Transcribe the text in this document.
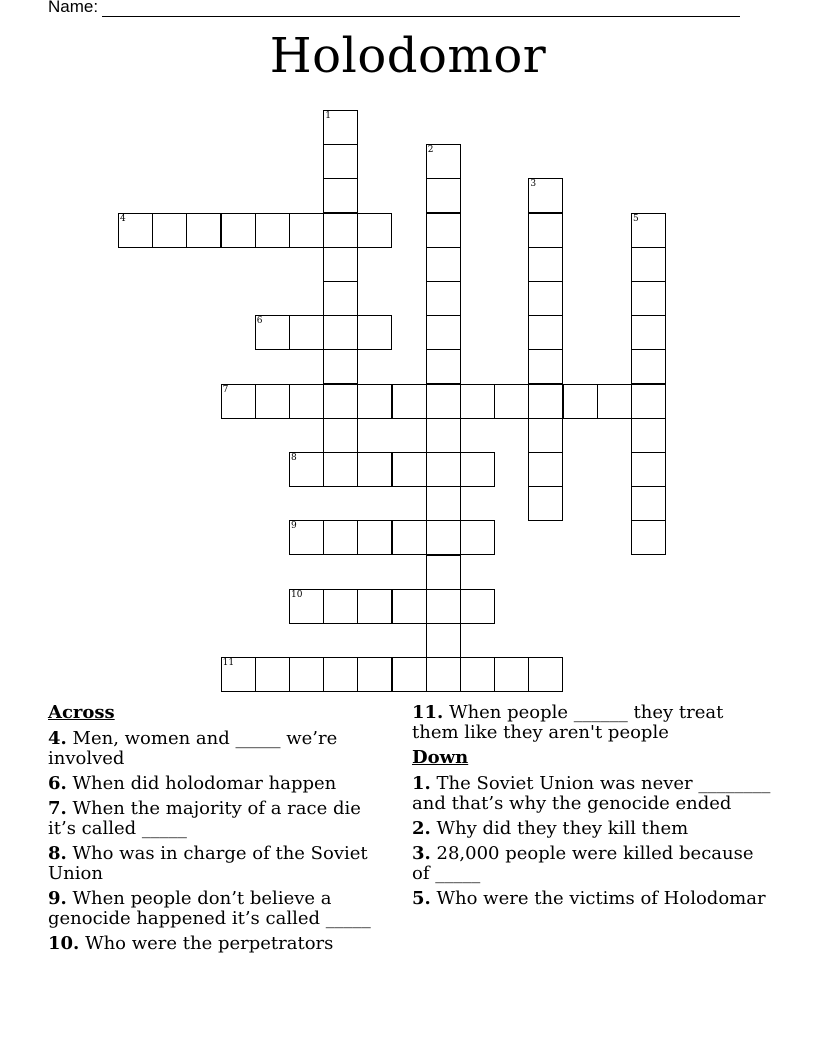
Name:
Holodomor
1
2
3
4	5
6
7
8
9
10
11
Across
4. Men, women and _____ we’re involved
6. When did holodomar happen
7. When the majority of a race die it’s called _____
8. Who was in charge of the Soviet Union
9. When people don’t believe a genocide happened it’s called _____
10. Who were the perpetrators
11. When people ______ they treat them like they aren't people
Down
1. The Soviet Union was never ________ and that’s why the genocide ended
2. Why did they they kill them
3. 28,000 people were killed because of _____
5. Who were the victims of Holodomar
